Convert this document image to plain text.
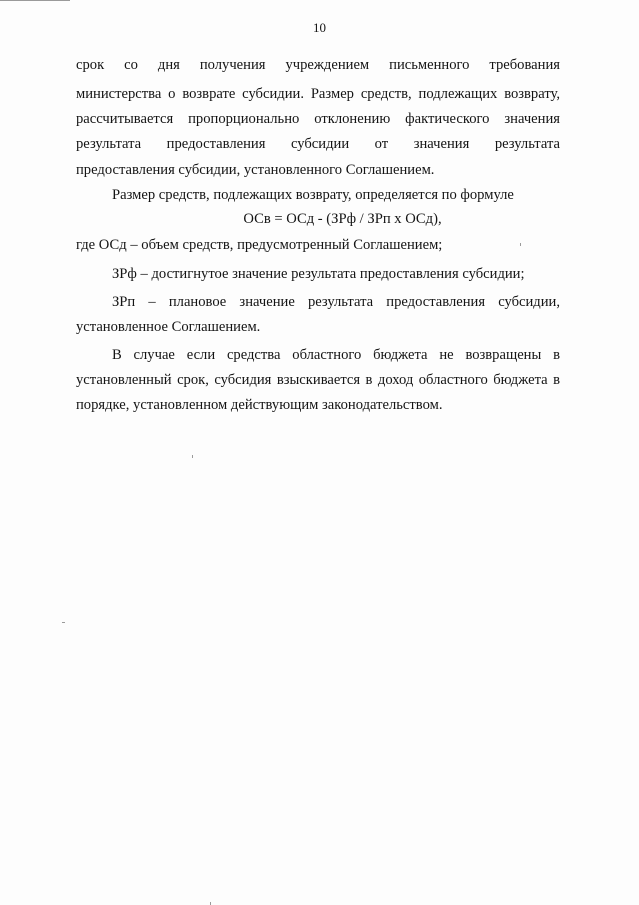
10
срок со дня получения учреждением письменного требования
министерства о возврате субсидии. Размер средств, подлежащих возврату,
рассчитывается пропорционально отклонению фактического значения
результата предоставления субсидии от значения результата
предоставления субсидии, установленного Соглашением.
Размер средств, подлежащих возврату, определяется по формуле
ОСв = ОСд - (ЗРф / ЗРп х ОСд),
где ОСд – объем средств, предусмотренный Соглашением;
ЗРф – достигнутое значение результата предоставления субсидии;
ЗРп – плановое значение результата предоставления субсидии,
установленное Соглашением.
В случае если средства областного бюджета не возвращены в
установленный срок, субсидия взыскивается в доход областного бюджета в
порядке, установленном действующим законодательством.
